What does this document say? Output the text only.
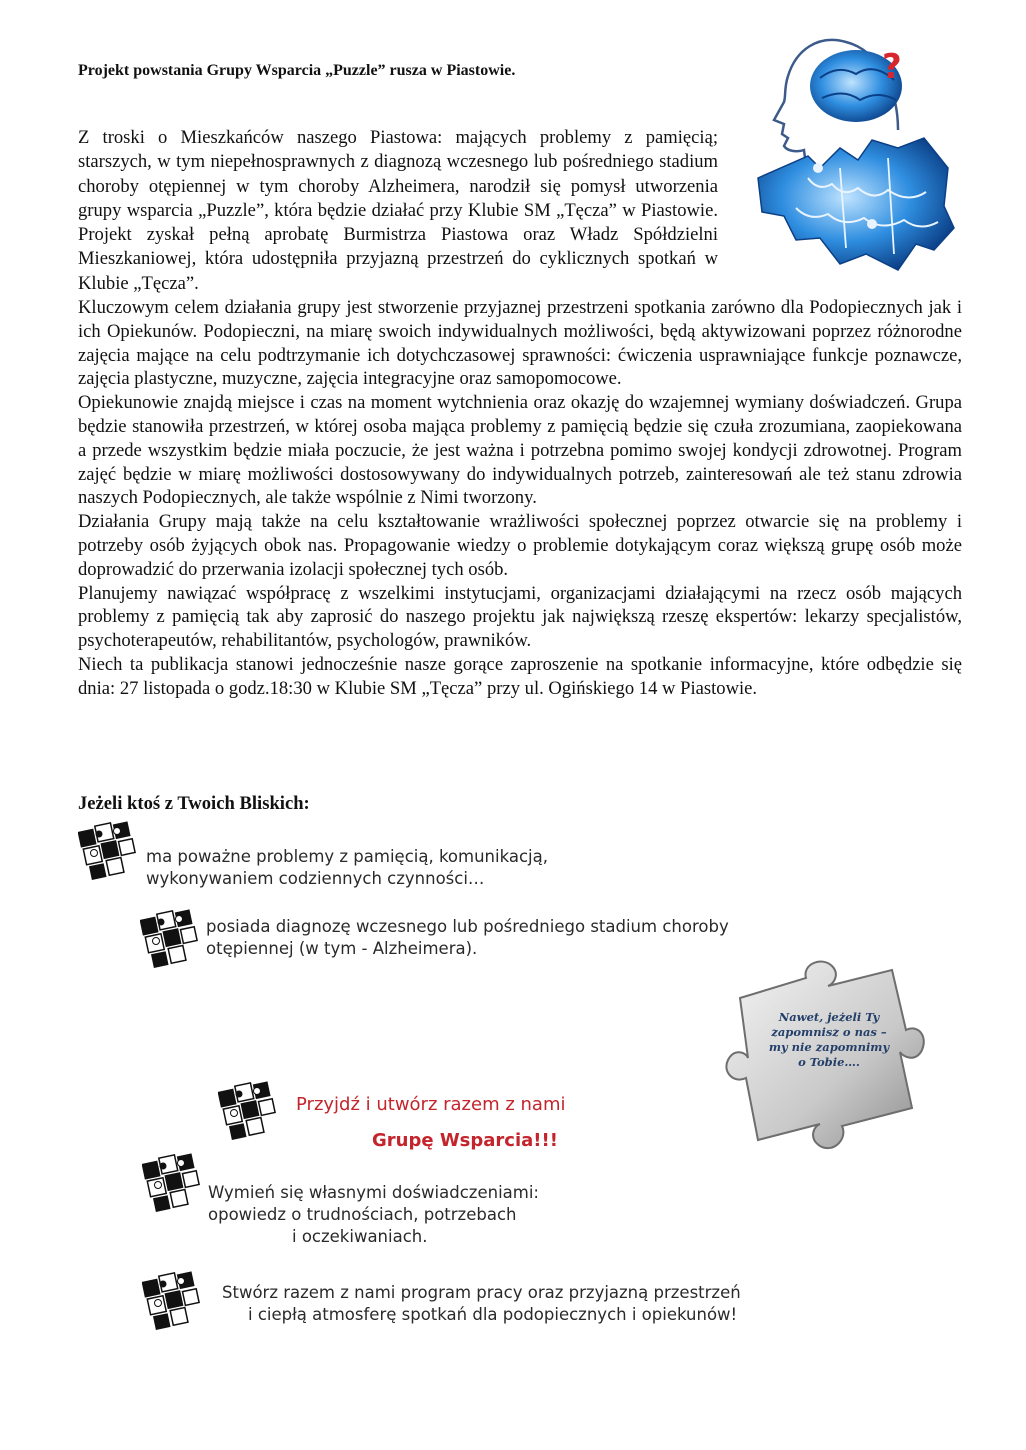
Projekt powstania Grupy Wsparcia „Puzzle” rusza w Piastowie.

Z troski o Mieszkańców naszego Piastowa: mających problemy z pamięcią; starszych, w tym niepełnosprawnych z diagnozą wczesnego lub pośredniego stadium choroby otępiennej w tym choroby Alzheimera, narodził się pomysł utworzenia grupy wsparcia „Puzzle”, która będzie działać przy Klubie SM „Tęcza” w Piastowie. Projekt zyskał pełną aprobatę Burmistrza Piastowa oraz Władz Spółdzielni Mieszkaniowej, która udostępniła przyjazną przestrzeń do cyklicznych spotkań w Klubie „Tęcza”.

?

Kluczowym celem działania grupy jest stworzenie przyjaznej przestrzeni spotkania zarówno dla Podopiecznych jak i ich Opiekunów. Podopieczni, na miarę swoich indywidualnych możliwości, będą aktywizowani poprzez różnorodne zajęcia mające na celu podtrzymanie ich dotychczasowej sprawności: ćwiczenia usprawniające funkcje poznawcze, zajęcia plastyczne, muzyczne, zajęcia integracyjne oraz samopomocowe.

Opiekunowie znajdą miejsce i czas na moment wytchnienia oraz okazję do wzajemnej wymiany doświadczeń. Grupa będzie stanowiła przestrzeń, w której osoba mająca problemy z pamięcią będzie się czuła zrozumiana, zaopiekowana a przede wszystkim będzie miała poczucie, że jest ważna i potrzebna pomimo swojej kondycji zdrowotnej. Program zajęć będzie w miarę możliwości dostosowywany do indywidualnych potrzeb, zainteresowań ale też stanu zdrowia naszych Podopiecznych, ale także wspólnie z Nimi tworzony.

Działania Grupy mają także na celu kształtowanie wrażliwości społecznej poprzez otwarcie się na problemy i potrzeby osób żyjących obok nas. Propagowanie wiedzy o problemie dotykającym coraz większą grupę osób może doprowadzić do przerwania izolacji społecznej tych osób.

Planujemy nawiązać współpracę z wszelkimi instytucjami, organizacjami działającymi na rzecz osób mających problemy z pamięcią tak aby zaprosić do naszego projektu jak największą rzeszę ekspertów: lekarzy specjalistów, psychoterapeutów, rehabilitantów, psychologów, prawników.

Niech ta publikacja stanowi jednocześnie nasze gorące zaproszenie na spotkanie informacyjne, które odbędzie się dnia: 27 listopada o godz.18:30 w Klubie SM „Tęcza” przy ul. Ogińskiego 14 w Piastowie.

Jeżeli ktoś z Twoich Bliskich:
ma poważne problemy z pamięcią, komunikacją,
wykonywaniem codziennych czynności…
posiada diagnozę wczesnego lub pośredniego stadium choroby
otępiennej (w tym - Alzheimera).
Nawet, jeżeli Ty
zapomnisz o nas –
my nie zapomnimy
o Tobie….
Przyjdź i utwórz razem z nami
Grupę Wsparcia!!!
Wymień się własnymi doświadczeniami:
opowiedz o trudnościach, potrzebach
i oczekiwaniach.
Stwórz razem z nami program pracy oraz przyjazną przestrzeń
i ciepłą atmosferę spotkań dla podopiecznych i opiekunów!
